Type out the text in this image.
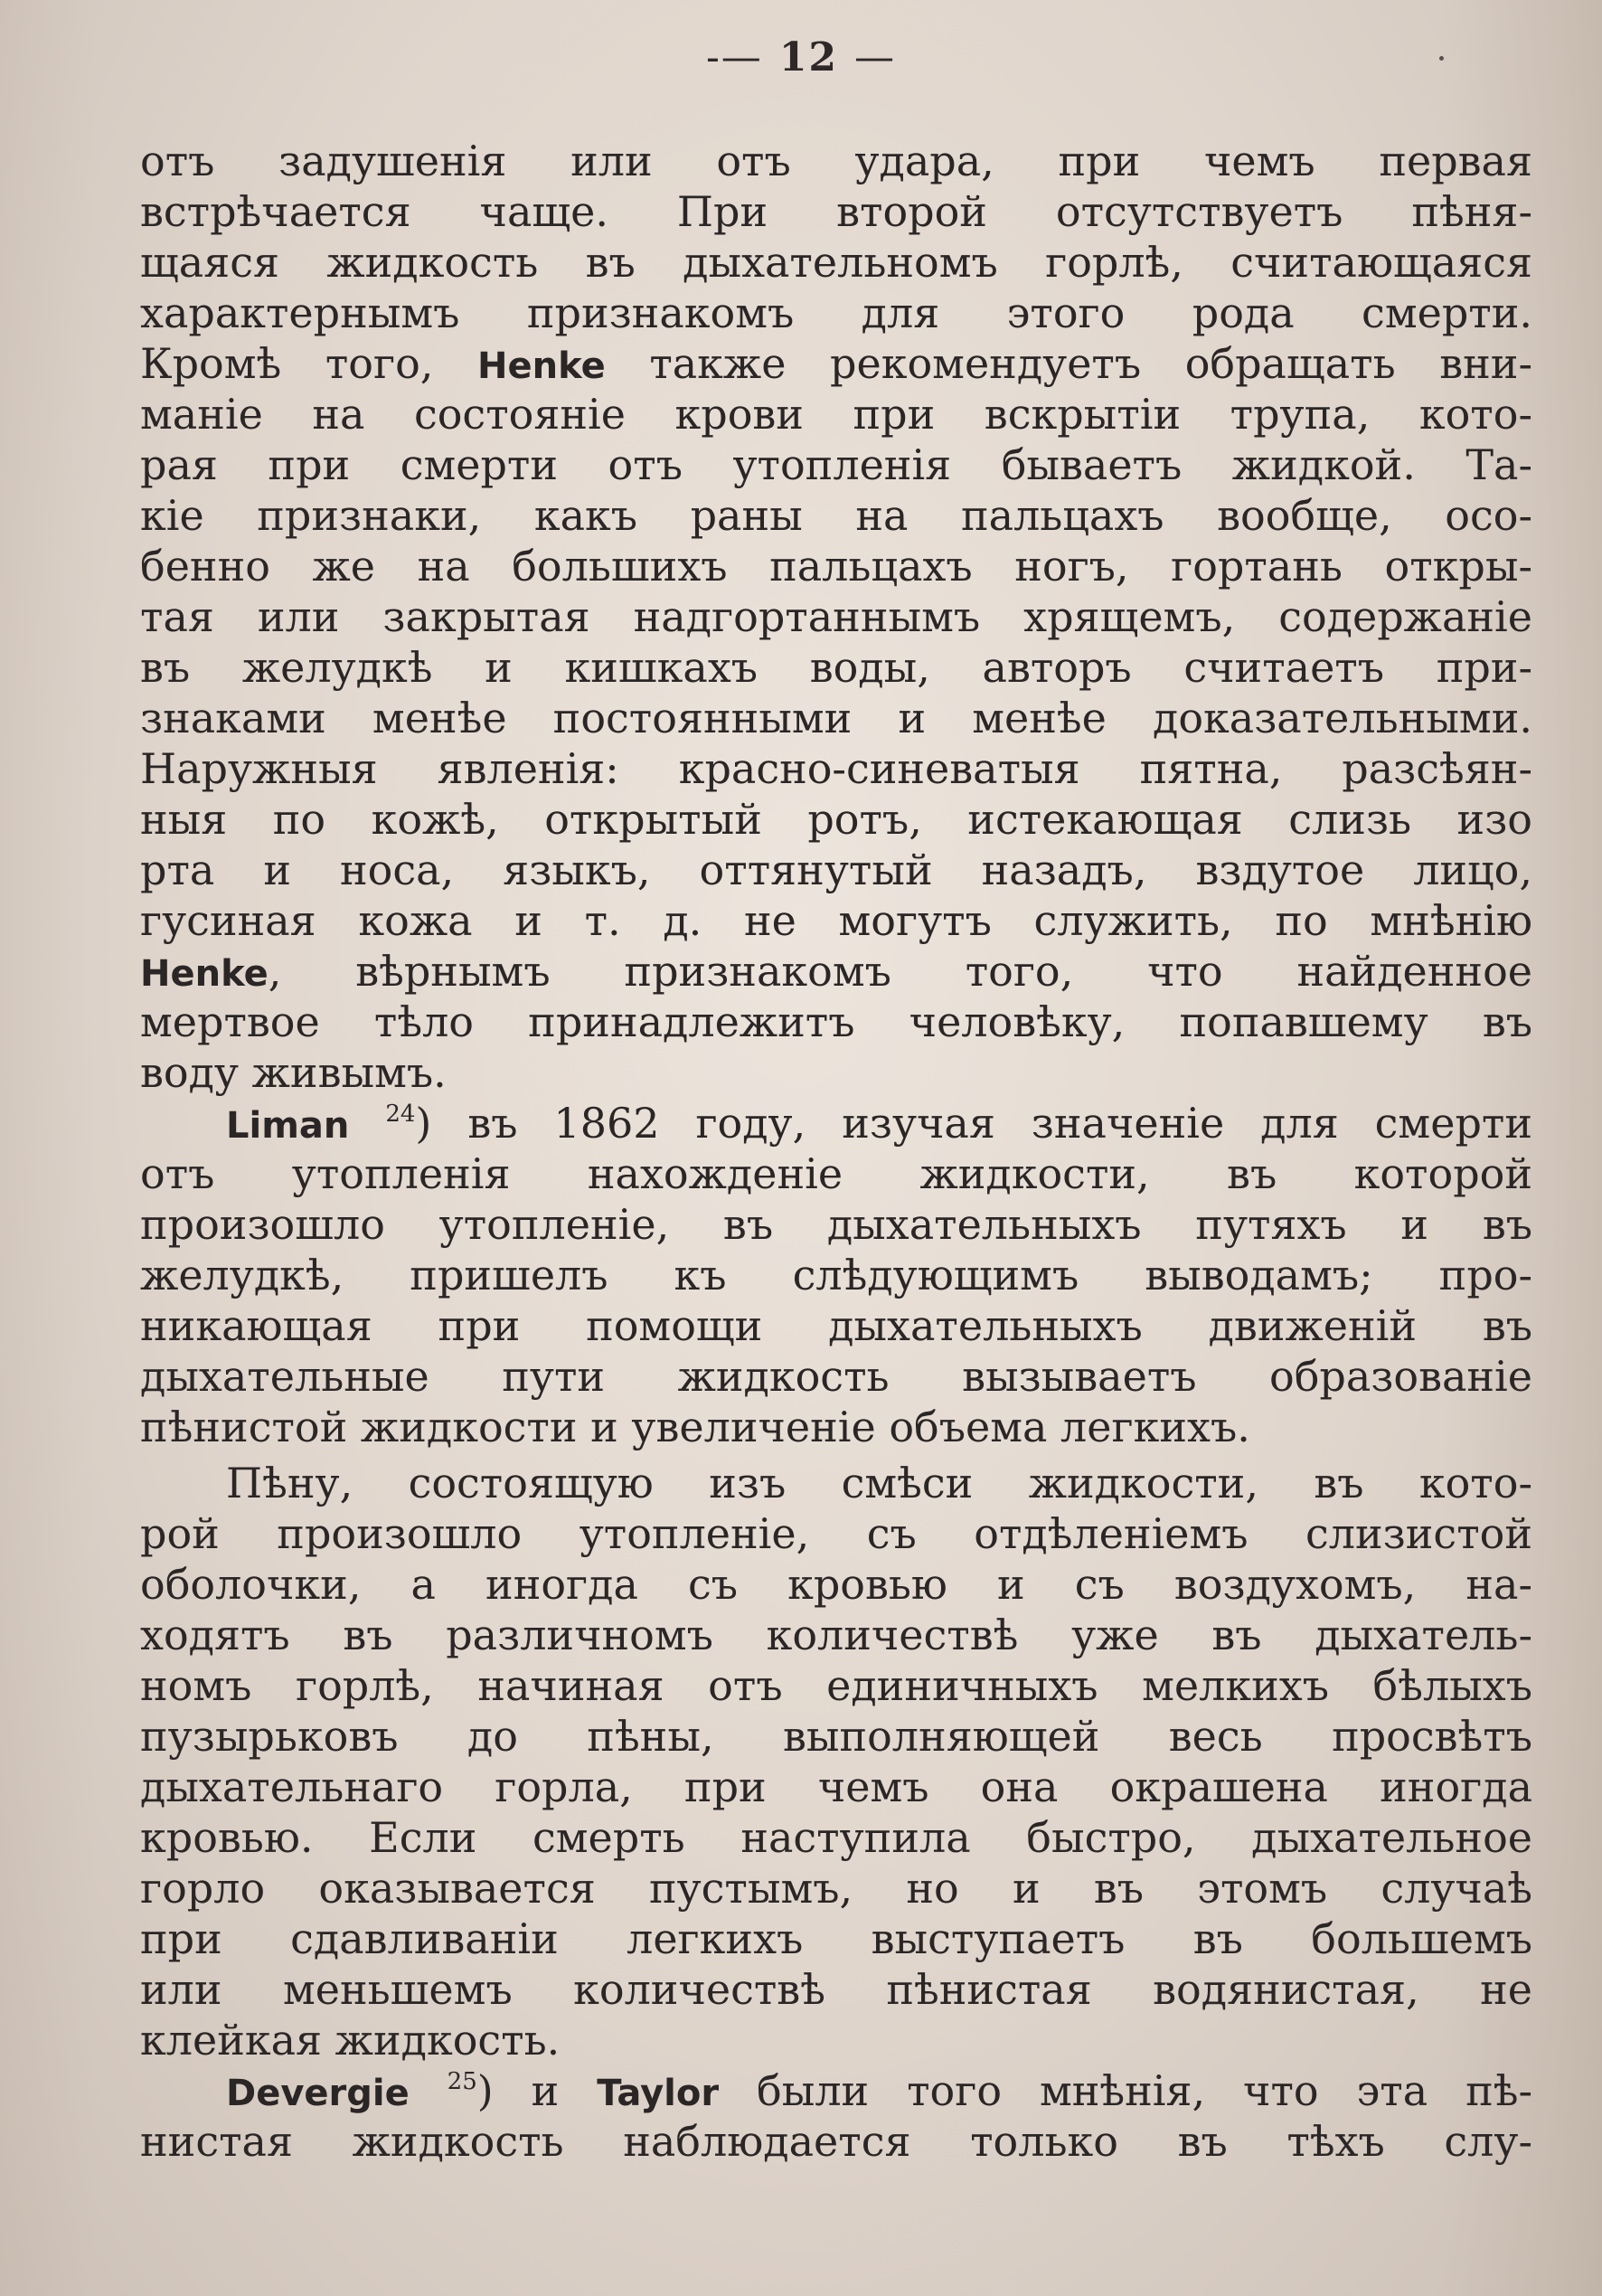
-— 12 —
отъ задушенія или отъ удара, при чемъ первая
встрѣчается чаще. При второй отсутствуетъ пѣня-
щаяся жидкость въ дыхательномъ горлѣ, считающаяся
характернымъ признакомъ для этого рода смерти.
Кромѣ того, Henke также рекомендуетъ обращать вни-
маніе на состояніе крови при вскрытіи трупа, кото-
рая при смерти отъ утопленія бываетъ жидкой. Та-
кіе признаки, какъ раны на пальцахъ вообще, осо-
бенно же на большихъ пальцахъ ногъ, гортань откры-
тая или закрытая надгортаннымъ хрящемъ, содержаніе
въ желудкѣ и кишкахъ воды, авторъ считаетъ при-
знаками менѣе постоянными и менѣе доказательными.
Наружныя явленія: красно-синеватыя пятна, разсѣян-
ныя по кожѣ, открытый ротъ, истекающая слизь изо
рта и носа, языкъ, оттянутый назадъ, вздутое лицо,
гусиная кожа и т. д. не могутъ служить, по мнѣнію
Henke, вѣрнымъ признакомъ того, что найденное
мертвое тѣло принадлежитъ человѣку, попавшему въ
воду живымъ.
Liman $^{24}$) въ 1862 году, изучая значеніе для смерти
отъ утопленія нахожденіе жидкости, въ которой
произошло утопленіе, въ дыхательныхъ путяхъ и въ
желудкѣ, пришелъ къ слѣдующимъ выводамъ; про-
никающая при помощи дыхательныхъ движеній въ
дыхательные пути жидкость вызываетъ образованіе
пѣнистой жидкости и увеличеніе объема легкихъ.
Пѣну, состоящую изъ смѣси жидкости, въ кото-
рой произошло утопленіе, съ отдѣленіемъ слизистой
оболочки, а иногда съ кровью и съ воздухомъ, на-
ходятъ въ различномъ количествѣ уже въ дыхатель-
номъ горлѣ, начиная отъ единичныхъ мелкихъ бѣлыхъ
пузырьковъ до пѣны, выполняющей весь просвѣтъ
дыхательнаго горла, при чемъ она окрашена иногда
кровью. Если смерть наступила быстро, дыхательное
горло оказывается пустымъ, но и въ этомъ случаѣ
при сдавливаніи легкихъ выступаетъ въ большемъ
или меньшемъ количествѣ пѣнистая водянистая, не
клейкая жидкость.
Devergie $^{25}$) и Taylor были того мнѣнія, что эта пѣ-
нистая жидкость наблюдается только въ тѣхъ слу-
